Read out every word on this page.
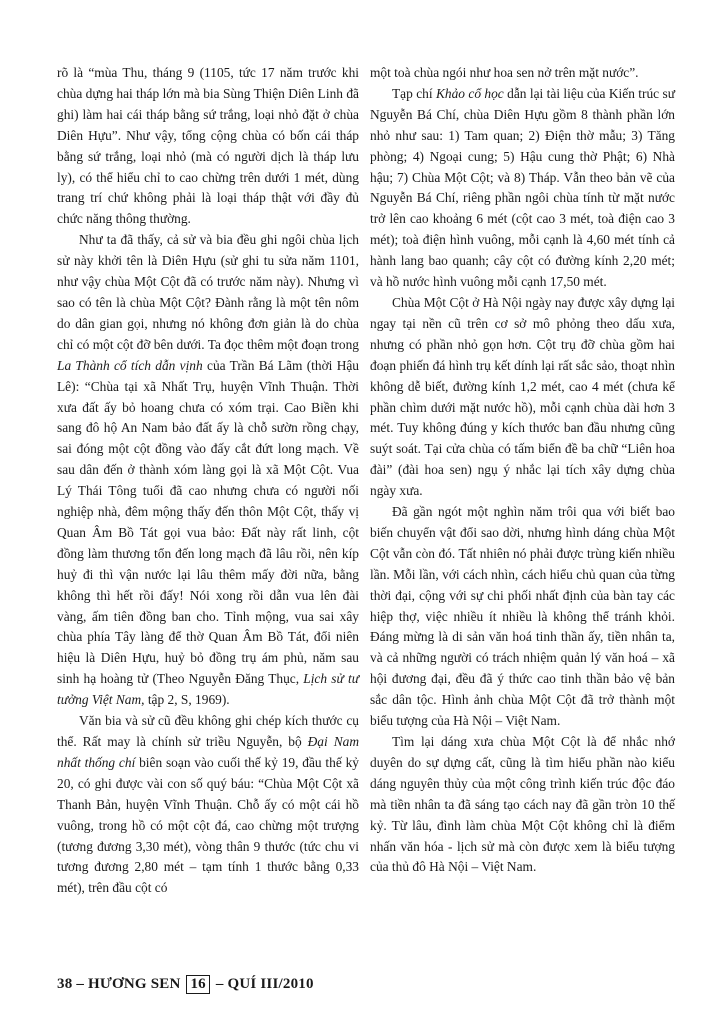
rõ là “mùa Thu, tháng 9 (1105, tức 17 năm trước khi chùa dựng hai tháp lớn mà bia Sùng Thiện Diên Linh đã ghi) làm hai cái tháp bằng sứ trắng, loại nhỏ đặt ở chùa Diên Hựu”. Như vậy, tổng cộng chùa có bốn cái tháp bằng sứ trắng, loại nhỏ (mà có người dịch là tháp lưu ly), có thể hiểu chỉ to cao chừng trên dưới 1 mét, dùng trang trí chứ không phải là loại tháp thật với đầy đủ chức năng thông thường.

Như ta đã thấy, cả sử và bia đều ghi ngôi chùa lịch sử này khởi tên là Diên Hựu (sử ghi tu sửa năm 1101, như vậy chùa Một Cột đã có trước năm này). Nhưng vì sao có tên là chùa Một Cột? Đành rằng là một tên nôm do dân gian gọi, nhưng nó không đơn giản là do chùa chỉ có một cột đỡ bên dưới. Ta đọc thêm một đoạn trong La Thành cổ tích dẫn vịnh của Trần Bá Lãm (thời Hậu Lê): “Chùa tại xã Nhất Trụ, huyện Vĩnh Thuận. Thời xưa đất ấy bỏ hoang chưa có xóm trại. Cao Biền khi sang đô hộ An Nam bảo đất ấy là chỗ sườn rồng chạy, sai đóng một cột đồng vào đấy cắt đứt long mạch. Về sau dân đến ở thành xóm làng gọi là xã Một Cột. Vua Lý Thái Tông tuổi đã cao nhưng chưa có người nối nghiệp nhà, đêm mộng thấy đến thôn Một Cột, thấy vị Quan Âm Bồ Tát gọi vua bảo: Đất này rất linh, cột đồng làm thương tổn đến long mạch đã lâu rồi, nên kíp huỷ đi thì vận nước lại lâu thêm mấy đời nữa, bằng không thì hết rồi đấy! Nói xong rồi dẫn vua lên đài vàng, ấm tiên đồng ban cho. Tỉnh mộng, vua sai xây chùa phía Tây làng để thờ Quan Âm Bồ Tát, đổi niên hiệu là Diên Hựu, huỷ bỏ đồng trụ ám phủ, năm sau sinh hạ hoàng tử (Theo Nguyễn Đăng Thục, Lịch sử tư tưởng Việt Nam, tập 2, S, 1969).

Văn bia và sử cũ đều không ghi chép kích thước cụ thể. Rất may là chính sử triều Nguyễn, bộ Đại Nam nhất thống chí biên soạn vào cuối thế kỷ 19, đầu thế kỷ 20, có ghi được vài con số quý báu: “Chùa Một Cột xã Thanh Bản, huyện Vĩnh Thuận. Chỗ ấy có một cái hồ vuông, trong hồ có một cột đá, cao chừng một trượng (tương đương 3,30 mét), vòng thân 9 thước (tức chu vi tương đương 2,80 mét – tạm tính 1 thước bằng 0,33 mét), trên đầu cột có

một toà chùa ngói như hoa sen nở trên mặt nước”.

Tạp chí Khảo cổ học dẫn lại tài liệu của Kiến trúc sư Nguyễn Bá Chí, chùa Diên Hựu gồm 8 thành phần lớn nhỏ như sau: 1) Tam quan; 2) Điện thờ mẫu; 3) Tăng phòng; 4) Ngoại cung; 5) Hậu cung thờ Phật; 6) Nhà hậu; 7) Chùa Một Cột; và 8) Tháp. Vẫn theo bản vẽ của Nguyễn Bá Chí, riêng phần ngôi chùa tính từ mặt nước trở lên cao khoảng 6 mét (cột cao 3 mét, toà điện cao 3 mét); toà điện hình vuông, mỗi cạnh là 4,60 mét tính cả hành lang bao quanh; cây cột có đường kính 2,20 mét; và hồ nước hình vuông mỗi cạnh 17,50 mét.

Chùa Một Cột ở Hà Nội ngày nay được xây dựng lại ngay tại nền cũ trên cơ sở mô phỏng theo dấu xưa, nhưng có phần nhỏ gọn hơn. Cột trụ đỡ chùa gồm hai đoạn phiến đá hình trụ kết dính lại rất sắc sảo, thoạt nhìn không dễ biết, đường kính 1,2 mét, cao 4 mét (chưa kể phần chìm dưới mặt nước hồ), mỗi cạnh chùa dài hơn 3 mét. Tuy không đúng y kích thước ban đầu nhưng cũng suýt soát. Tại cửa chùa có tấm biển đề ba chữ “Liên hoa đài” (đài hoa sen) ngụ ý nhắc lại tích xây dựng chùa ngày xưa.

Đã gần ngót một nghìn năm trôi qua với biết bao biến chuyển vật đổi sao dời, nhưng hình dáng chùa Một Cột vẫn còn đó. Tất nhiên nó phải được trùng kiến nhiều lần. Mỗi lần, với cách nhìn, cách hiểu chủ quan của từng thời đại, cộng với sự chi phối nhất định của bàn tay các hiệp thợ, việc nhiều ít nhiều là không thể tránh khỏi. Đáng mừng là di sản văn hoá tinh thần ấy, tiền nhân ta, và cả những người có trách nhiệm quản lý văn hoá – xã hội đương đại, đều đã ý thức cao tinh thần bảo vệ bản sắc dân tộc. Hình ảnh chùa Một Cột đã trở thành một biểu tượng của Hà Nội – Việt Nam.

Tìm lại dáng xưa chùa Một Cột là để nhắc nhớ duyên do sự dựng cất, cũng là tìm hiểu phần nào kiểu dáng nguyên thủy của một công trình kiến trúc độc đáo mà tiền nhân ta đã sáng tạo cách nay đã gần tròn 10 thế kỷ. Từ lâu, đình làm chùa Một Cột không chỉ là điểm nhấn văn hóa - lịch sử mà còn được xem là biểu tượng của thủ đô Hà Nội – Việt Nam.

38 – HƯƠNG SEN 16 – QUÍ III/2010
